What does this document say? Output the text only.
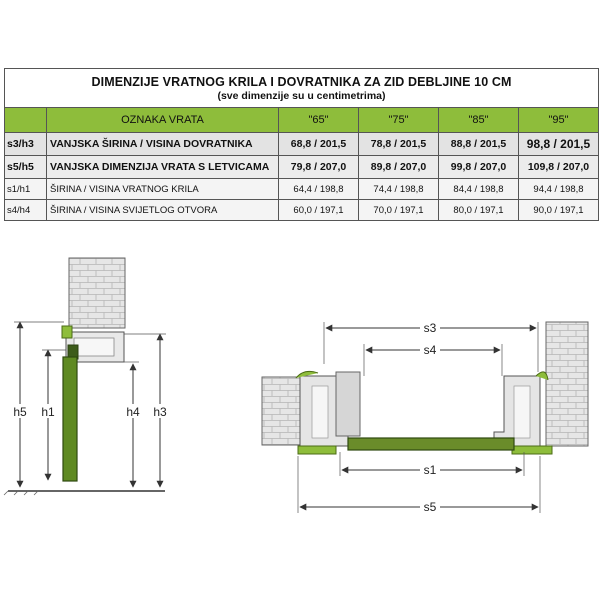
DIMENZIJE VRATNOG KRILA I DOVRATNIKA ZA ZID DEBLJINE 10 CM
(sve dimenzije su u centimetrima)					

	OZNAKA VRATA	"65"	"75"	"85"	"95"
s3/h3	VANJSKA ŠIRINA / VISINA DOVRATNIKA	68,8 / 201,5	78,8 / 201,5	88,8 / 201,5	98,8 / 201,5
s5/h5	VANJSKA DIMENZIJA VRATA S LETVICAMA	79,8 / 207,0	89,8 / 207,0	99,8 / 207,0	109,8 / 207,0
s1/h1	ŠIRINA / VISINA VRATNOG KRILA	64,4 / 198,8	74,4 / 198,8	84,4 / 198,8	94,4 / 198,8
s4/h4	ŠIRINA / VISINA SVIJETLOG OTVORA	60,0 / 197,1	70,0 / 197,1	80,0 / 197,1	90,0 / 197,1
h5 h1	h4 h3
s3
s4
s1
s5
